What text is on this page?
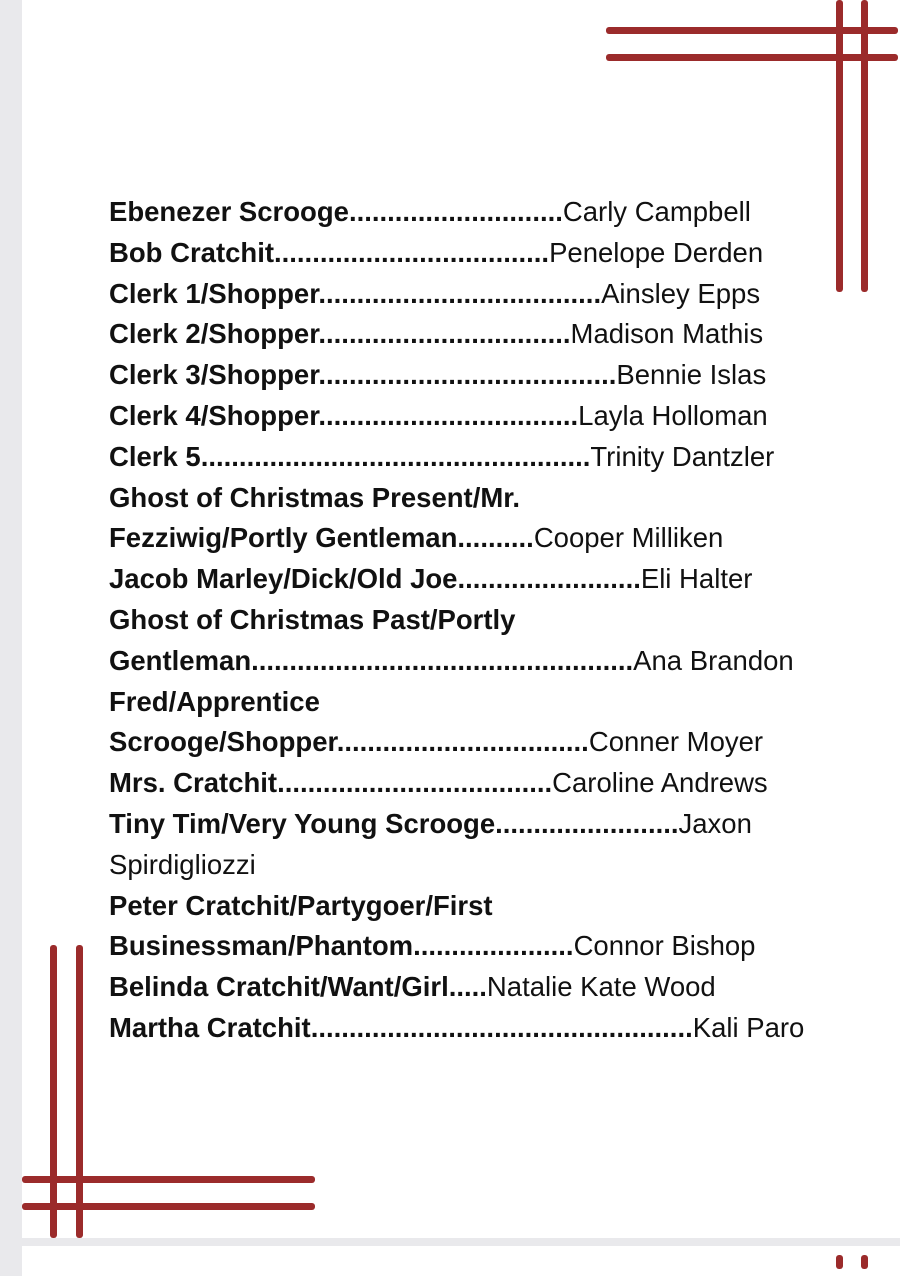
Ebenezer Scrooge............................Carly Campbell
Bob Cratchit....................................Penelope Derden
Clerk 1/Shopper.....................................Ainsley Epps
Clerk 2/Shopper.................................Madison Mathis
Clerk 3/Shopper.......................................Bennie Islas
Clerk 4/Shopper..................................Layla Holloman
Clerk 5...................................................Trinity Dantzler
Ghost of Christmas Present/Mr.
Fezziwig/Portly Gentleman..........Cooper Milliken
Jacob Marley/Dick/Old Joe........................Eli Halter
Ghost of Christmas Past/Portly
Gentleman..................................................Ana Brandon
Fred/Apprentice
Scrooge/Shopper.................................Conner Moyer
Mrs. Cratchit....................................Caroline Andrews
Tiny Tim/Very Young Scrooge........................Jaxon
Spirdigliozzi
Peter Cratchit/Partygoer/First
Businessman/Phantom.....................Connor Bishop
Belinda Cratchit/Want/Girl.....Natalie Kate Wood
Martha Cratchit..................................................Kali Paro
